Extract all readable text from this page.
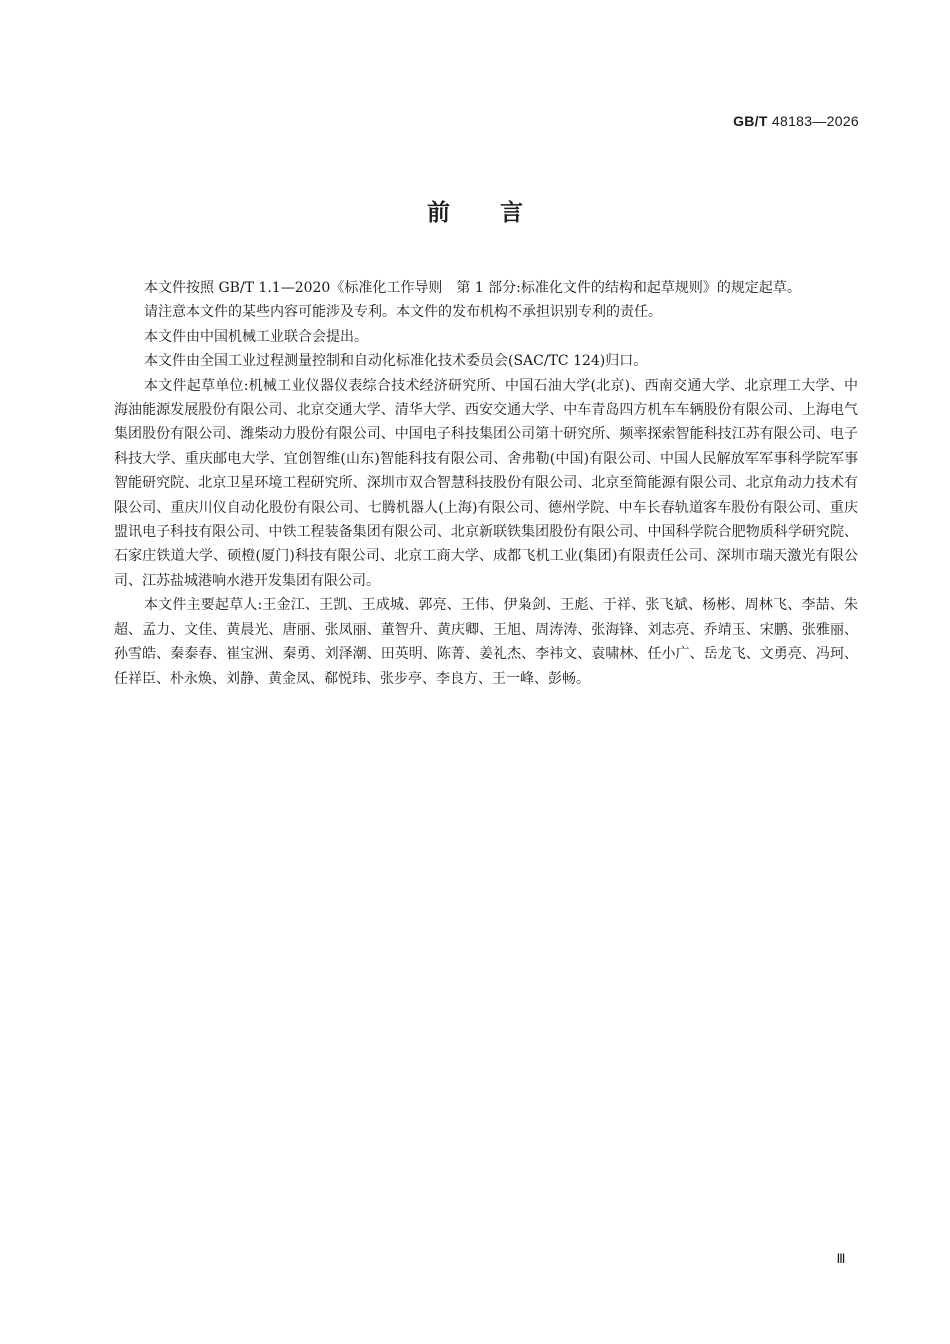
GB/T 48183—2026
前言

本文件按照 GB/T 1.1—2020《标准化工作导则　第 1 部分:标准化文件的结构和起草规则》的规定起草。

请注意本文件的某些内容可能涉及专利。本文件的发布机构不承担识别专利的责任。

本文件由中国机械工业联合会提出。

本文件由全国工业过程测量控制和自动化标准化技术委员会(SAC/TC 124)归口。

本文件起草单位:机械工业仪器仪表综合技术经济研究所、中国石油大学(北京)、西南交通大学、北京理工大学、中海油能源发展股份有限公司、北京交通大学、清华大学、西安交通大学、中车青岛四方机车车辆股份有限公司、上海电气集团股份有限公司、潍柴动力股份有限公司、中国电子科技集团公司第十研究所、频率探索智能科技江苏有限公司、电子科技大学、重庆邮电大学、宜创智维(山东)智能科技有限公司、舍弗勒(中国)有限公司、中国人民解放军军事科学院军事智能研究院、北京卫星环境工程研究所、深圳市双合智慧科技股份有限公司、北京至简能源有限公司、北京角动力技术有限公司、重庆川仪自动化股份有限公司、七腾机器人(上海)有限公司、德州学院、中车长春轨道客车股份有限公司、重庆盟讯电子科技有限公司、中铁工程装备集团有限公司、北京新联铁集团股份有限公司、中国科学院合肥物质科学研究院、石家庄铁道大学、硕橙(厦门)科技有限公司、北京工商大学、成都飞机工业(集团)有限责任公司、深圳市瑞天激光有限公司、江苏盐城港响水港开发集团有限公司。

本文件主要起草人:王金江、王凯、王成城、郭亮、王伟、伊枭剑、王彪、于祥、张飞斌、杨彬、周林飞、李喆、朱超、孟力、文佳、黄晨光、唐丽、张凤丽、董智升、黄庆卿、王旭、周涛涛、张海锋、刘志亮、乔靖玉、宋鹏、张雅丽、孙雪皓、秦泰春、崔宝洲、秦勇、刘泽潮、田英明、陈菁、姜礼杰、李祎文、袁啸林、任小广、岳龙飞、文勇亮、冯珂、任祥臣、朴永焕、刘静、黄金凤、郗悦玮、张步亭、李良方、王一峰、彭畅。

Ⅲ
